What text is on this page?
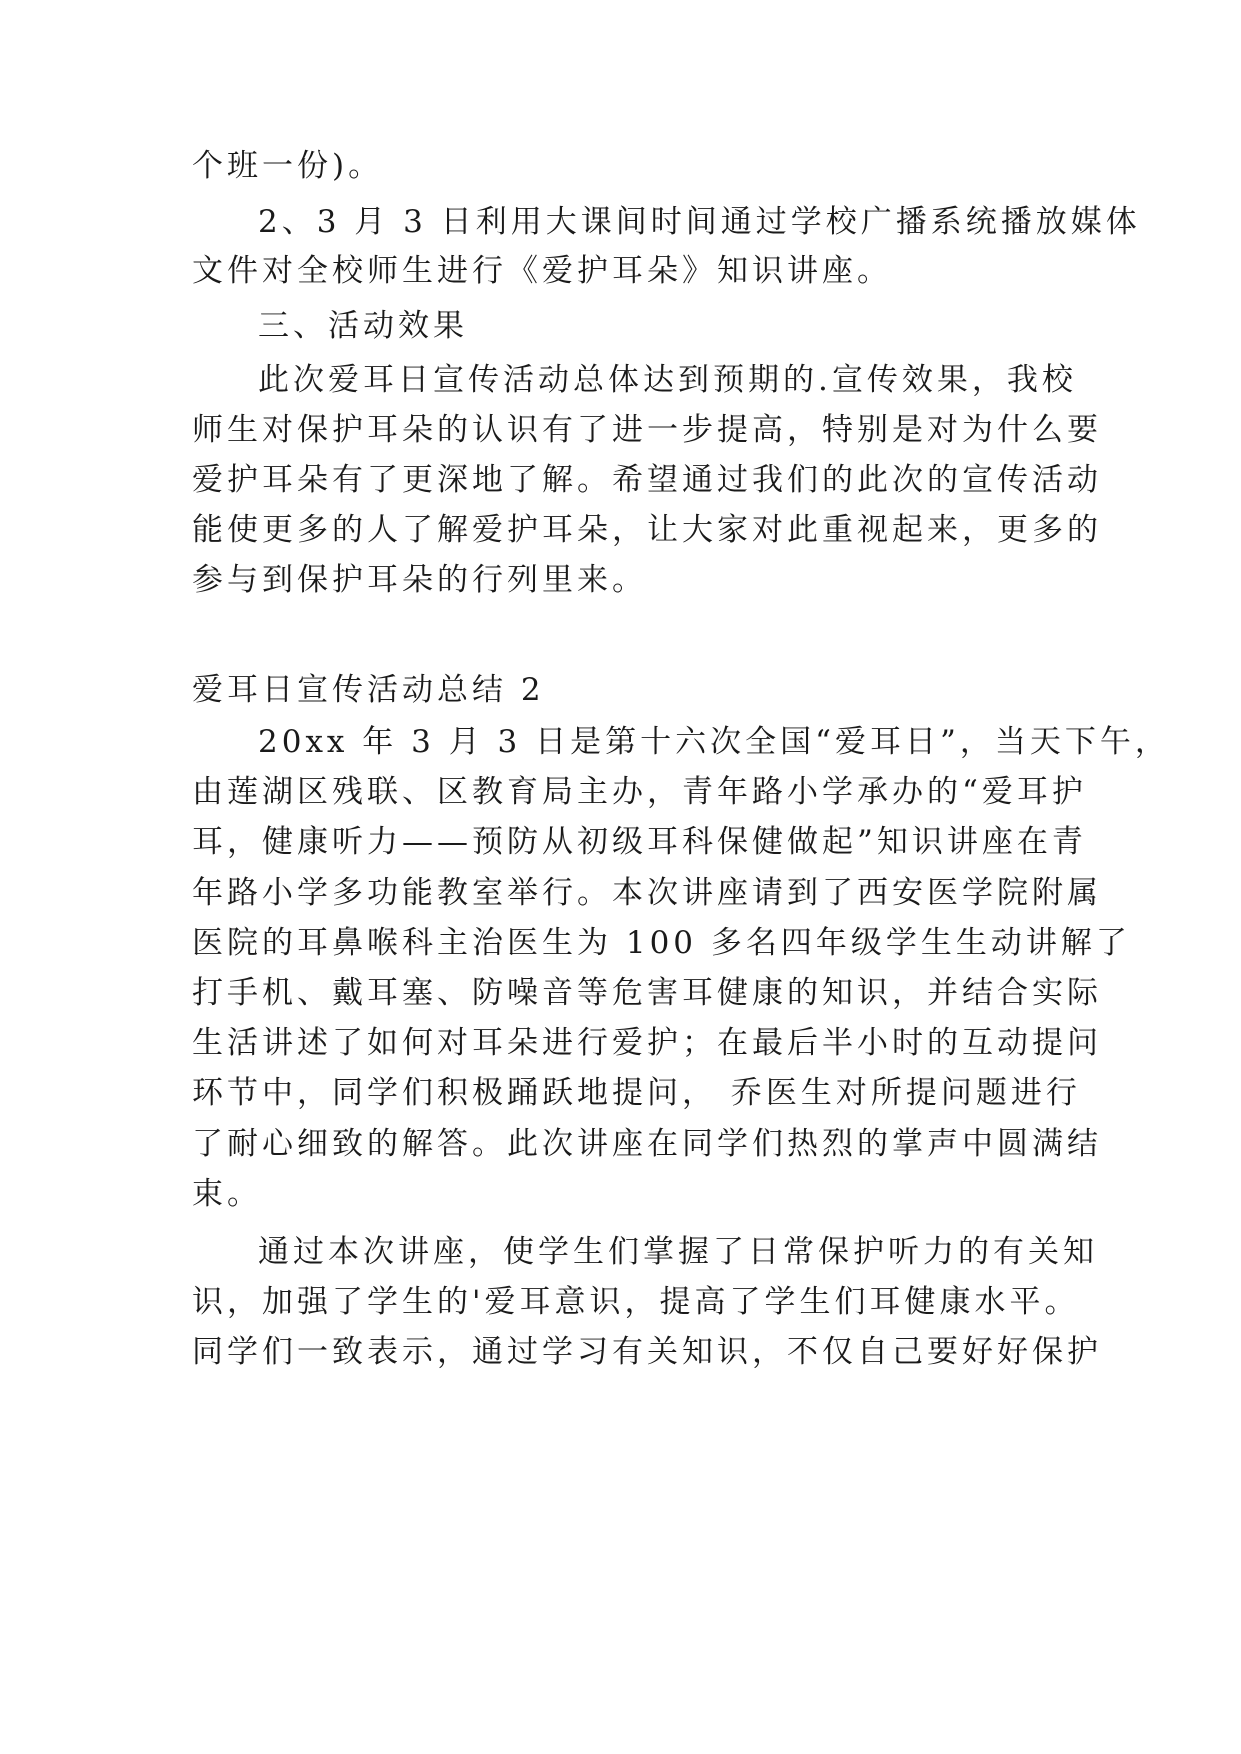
个班一份)。
2、3 月 3 日利用大课间时间通过学校广播系统播放媒体
文件对全校师生进行《爱护耳朵》知识讲座。
三、活动效果
此次爱耳日宣传活动总体达到预期的.宣传效果，我校
师生对保护耳朵的认识有了进一步提高，特别是对为什么要
爱护耳朵有了更深地了解。希望通过我们的此次的宣传活动
能使更多的人了解爱护耳朵，让大家对此重视起来，更多的
参与到保护耳朵的行列里来。
爱耳日宣传活动总结 2
20xx 年 3 月 3 日是第十六次全国“爱耳日”，当天下午，
由莲湖区残联、区教育局主办，青年路小学承办的“爱耳护
耳，健康听力——预防从初级耳科保健做起”知识讲座在青
年路小学多功能教室举行。本次讲座请到了西安医学院附属
医院的耳鼻喉科主治医生为 100 多名四年级学生生动讲解了
打手机、戴耳塞、防噪音等危害耳健康的知识，并结合实际
生活讲述了如何对耳朵进行爱护；在最后半小时的互动提问
环节中，同学们积极踊跃地提问， 乔医生对所提问题进行
了耐心细致的解答。此次讲座在同学们热烈的掌声中圆满结
束。
通过本次讲座，使学生们掌握了日常保护听力的有关知
识，加强了学生的'爱耳意识，提高了学生们耳健康水平。
同学们一致表示，通过学习有关知识，不仅自己要好好保护
